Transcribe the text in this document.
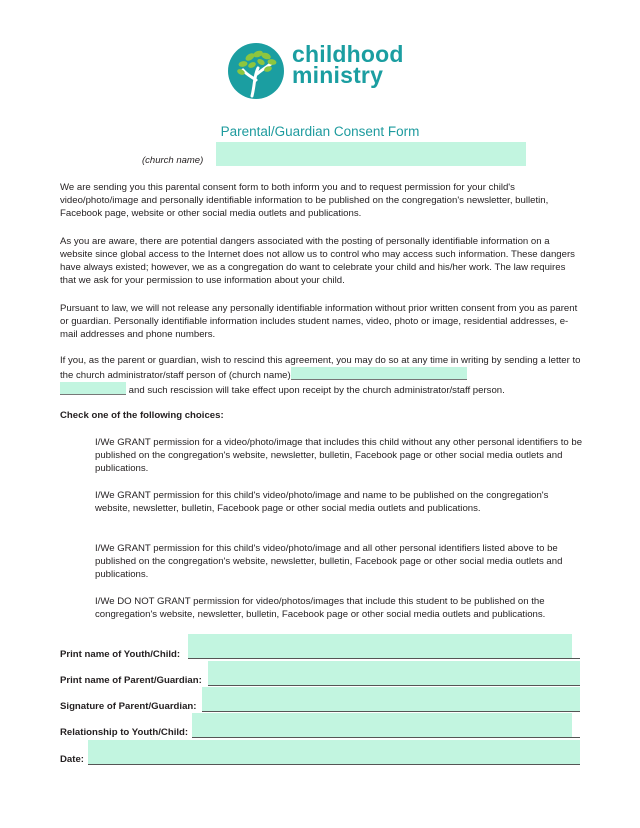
childhood
ministry
Parental/Guardian Consent Form
(church name)

We are sending you this parental consent form to both inform you and to request permission for your child's video/photo/image and personally identifiable information to be published on the congregation's newsletter, bulletin, Facebook page, website or other social media outlets and publications.

As you are aware, there are potential dangers associated with the posting of personally identifiable information on a website since global access to the Internet does not allow us to control who may access such information. These dangers have always existed; however, we as a congregation do want to celebrate your child and his/her work. The law requires that we ask for your permission to use information about your child.

Pursuant to law, we will not release any personally identifiable information without prior written consent from you as parent or guardian. Personally identifiable information includes student names, video, photo or image, residential addresses, e-mail addresses and phone numbers.

If you, as the parent or guardian, wish to rescind this agreement, you may do so at any time in writing by sending a letter to the church administrator/staff person of (church name)
and such rescission will take effect upon receipt by the church administrator/staff person.

Check one of the following choices:

I/We GRANT permission for a video/photo/image that includes this child without any other personal identifiers to be published on the congregation's website, newsletter, bulletin, Facebook page or other social media outlets and publications.

I/We GRANT permission for this child's video/photo/image and name to be published on the congregation's website, newsletter, bulletin, Facebook page or other social media outlets and publications.

I/We GRANT permission for this child's video/photo/image and all other personal identifiers listed above to be published on the congregation's website, newsletter, bulletin, Facebook page or other social media outlets and publications.

I/We DO NOT GRANT permission for video/photos/images that include this student to be published on the congregation's website, newsletter, bulletin, Facebook page or other social media outlets and publications.

Print name of Youth/Child:
Print name of Parent/Guardian:
Signature of Parent/Guardian:
Relationship to Youth/Child:
Date:
